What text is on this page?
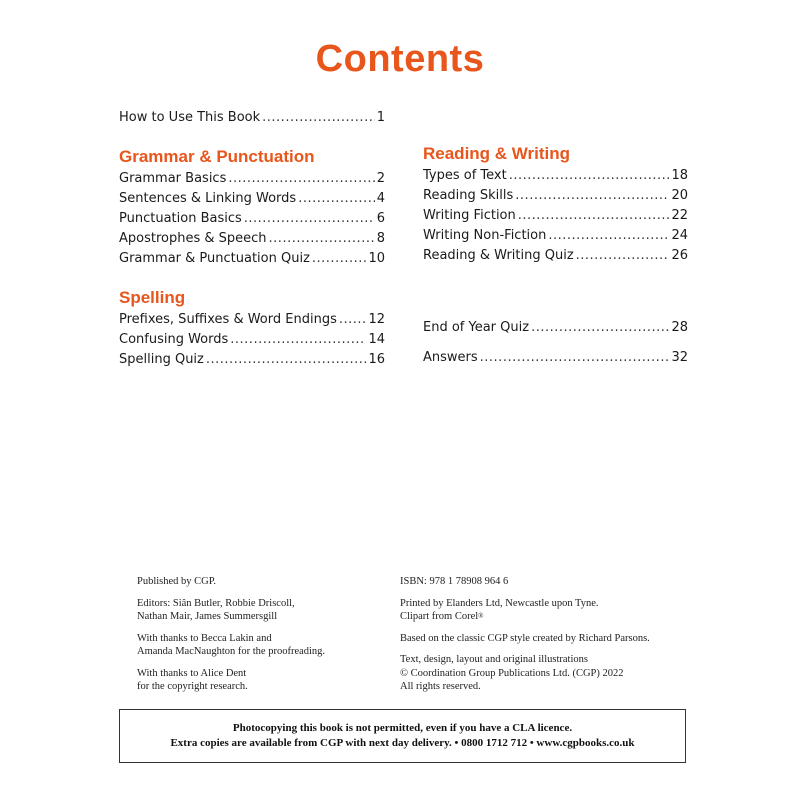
Contents
How to Use This Book .....	1
Grammar & Punctuation
Grammar Basics .....	2
Sentences & Linking Words .....	4
Punctuation Basics .....	6
Apostrophes & Speech .....	8
Grammar & Punctuation Quiz .....	10
Spelling
Prefixes, Suffixes & Word Endings ..... 12
Confusing Words .....	14
Spelling Quiz .....	16
Reading & Writing
Types of Text .....	18
Reading Skills .....	20
Writing Fiction .....	22
Writing Non-Fiction .....	24
Reading & Writing Quiz .....	26
End of Year Quiz .....	28
Answers .....	32

Published by CGP.

Editors: Siân Butler, Robbie Driscoll,
Nathan Mair, James Summersgill

With thanks to Becca Lakin and
Amanda MacNaughton for the proofreading.

With thanks to Alice Dent
for the copyright research.

ISBN: 978 1 78908 964 6

Printed by Elanders Ltd, Newcastle upon Tyne.
Clipart from Corel®

Based on the classic CGP style created by Richard Parsons.

Text, design, layout and original illustrations
© Coordination Group Publications Ltd. (CGP) 2022
All rights reserved.

Photocopying this book is not permitted, even if you have a CLA licence.
Extra copies are available from CGP with next day delivery. • 0800 1712 712 • www.cgpbooks.co.uk
